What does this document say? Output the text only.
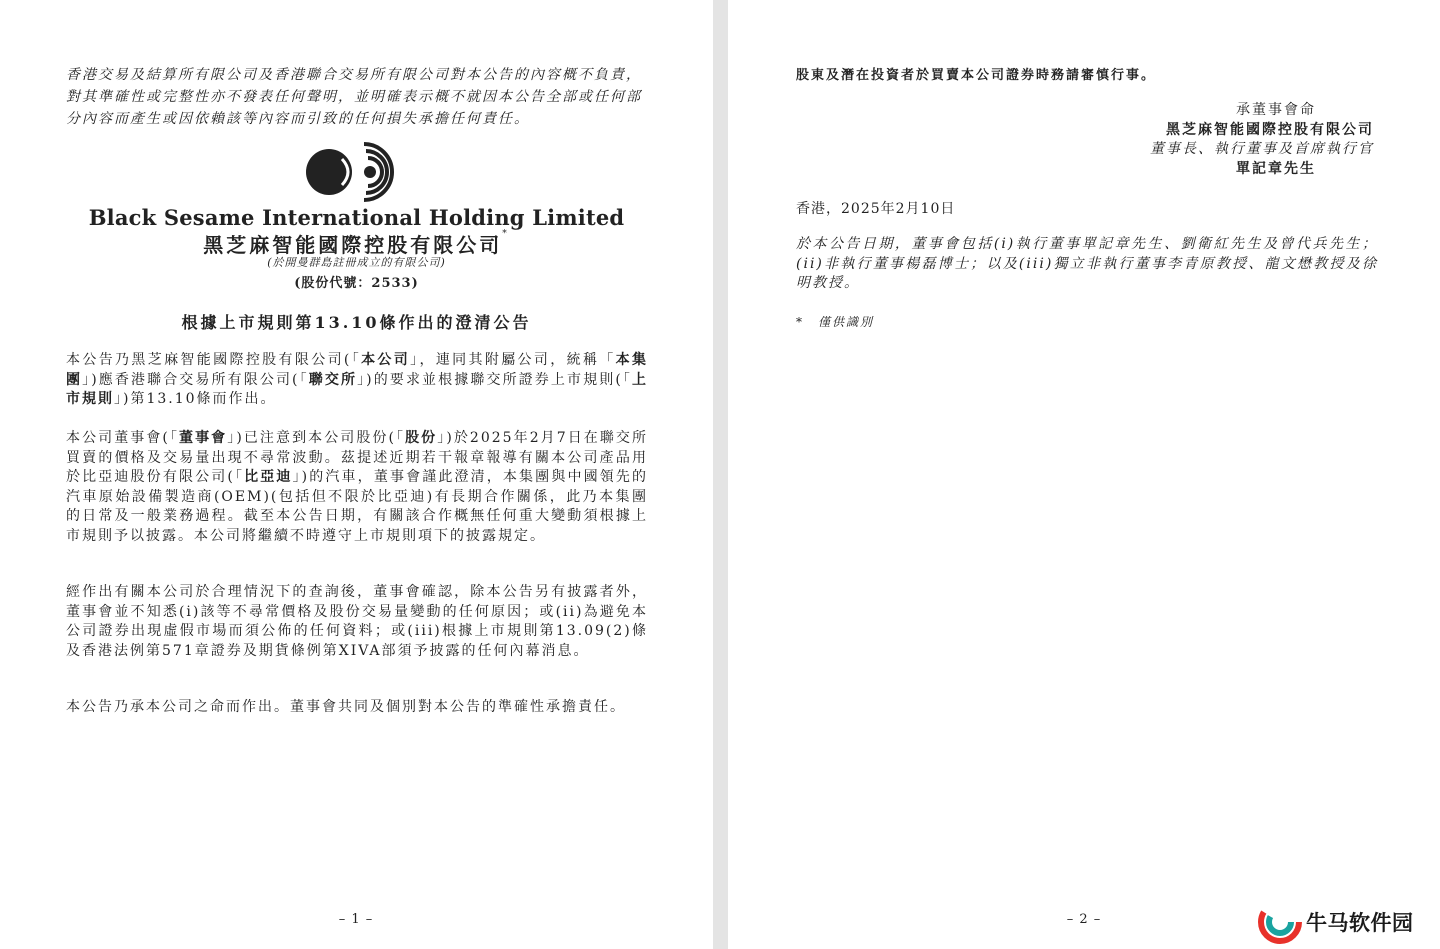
香港交易及結算所有限公司及香港聯合交易所有限公司對本公告的內容概不負責，對其準確性或完整性亦不發表任何聲明，並明確表示概不就因本公告全部或任何部分內容而產生或因依賴該等內容而引致的任何損失承擔任何責任。
Black Sesame International Holding Limited
黑芝麻智能國際控股有限公司*
(於開曼群島註冊成立的有限公司)
(股份代號：2533)
根據上市規則第13.10條作出的澄清公告
本公告乃黑芝麻智能國際控股有限公司(「本公司」，連同其附屬公司，統稱「本集團」)應香港聯合交易所有限公司(「聯交所」)的要求並根據聯交所證券上市規則(「上市規則」)第13.10條而作出。
本公司董事會(「董事會」)已注意到本公司股份(「股份」)於2025年2月7日在聯交所買賣的價格及交易量出現不尋常波動。茲提述近期若干報章報導有關本公司產品用於比亞迪股份有限公司(「比亞迪」)的汽車，董事會謹此澄清，本集團與中國領先的汽車原始設備製造商(OEM)(包括但不限於比亞迪)有長期合作關係，此乃本集團的日常及一般業務過程。截至本公告日期，有關該合作概無任何重大變動須根據上市規則予以披露。本公司將繼續不時遵守上市規則項下的披露規定。
經作出有關本公司於合理情況下的查詢後，董事會確認，除本公告另有披露者外，董事會並不知悉(i)該等不尋常價格及股份交易量變動的任何原因；或(ii)為避免本公司證券出現虛假市場而須公佈的任何資料；或(iii)根據上市規則第13.09(2)條及香港法例第571章證券及期貨條例第XIVA部須予披露的任何內幕消息。
本公告乃承本公司之命而作出。董事會共同及個別對本公告的準確性承擔責任。
– 1 –
股東及潛在投資者於買賣本公司證券時務請審慎行事。
承董事會命
黑芝麻智能國際控股有限公司
董事長、執行董事及首席執行官
單記章先生
香港，2025年2月10日
於本公告日期，董事會包括(i)執行董事單記章先生、劉衛紅先生及曾代兵先生；(ii)非執行董事楊磊博士；以及(iii)獨立非執行董事李青原教授、龍文懋教授及徐明教授。
*　僅供識別
– 2 –	牛马软件园
